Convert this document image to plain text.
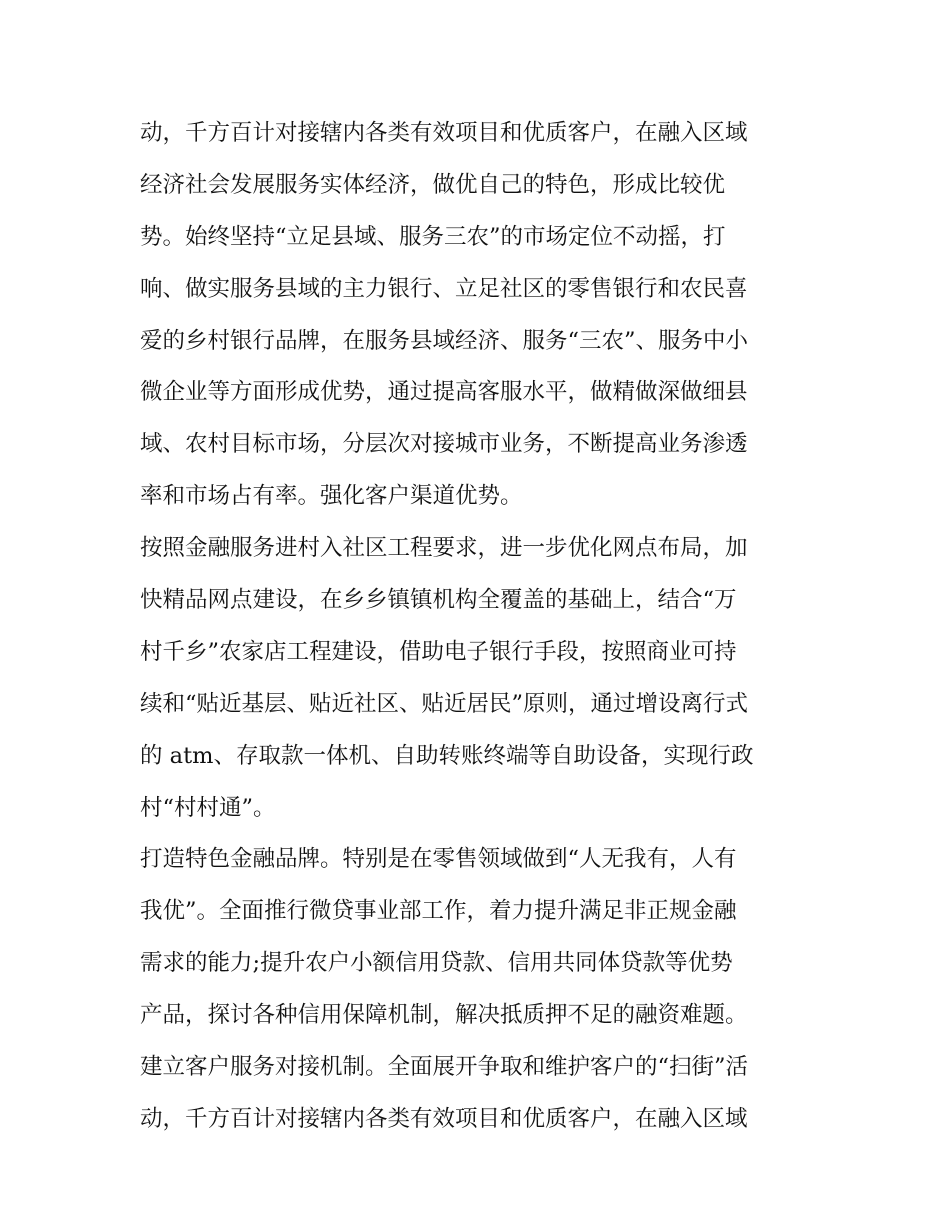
动，千方百计对接辖内各类有效项目和优质客户，在融入区域
经济社会发展服务实体经济，做优自己的特色，形成比较优
势。始终坚持“立足县域、服务三农”的市场定位不动摇，打
响、做实服务县域的主力银行、立足社区的零售银行和农民喜
爱的乡村银行品牌，在服务县域经济、服务“三农”、服务中小
微企业等方面形成优势，通过提高客服水平，做精做深做细县
域、农村目标市场，分层次对接城市业务，不断提高业务渗透
率和市场占有率。强化客户渠道优势。
按照金融服务进村入社区工程要求，进一步优化网点布局，加
快精品网点建设，在乡乡镇镇机构全覆盖的基础上，结合“万
村千乡”农家店工程建设，借助电子银行手段，按照商业可持
续和“贴近基层、贴近社区、贴近居民”原则，通过增设离行式
的 atm、存取款一体机、自助转账终端等自助设备，实现行政
村“村村通”。
打造特色金融品牌。特别是在零售领域做到“人无我有，人有
我优”。全面推行微贷事业部工作，着力提升满足非正规金融
需求的能力;提升农户小额信用贷款、信用共同体贷款等优势
产品，探讨各种信用保障机制，解决抵质押不足的融资难题。
建立客户服务对接机制。全面展开争取和维护客户的“扫街”活
动，千方百计对接辖内各类有效项目和优质客户，在融入区域
